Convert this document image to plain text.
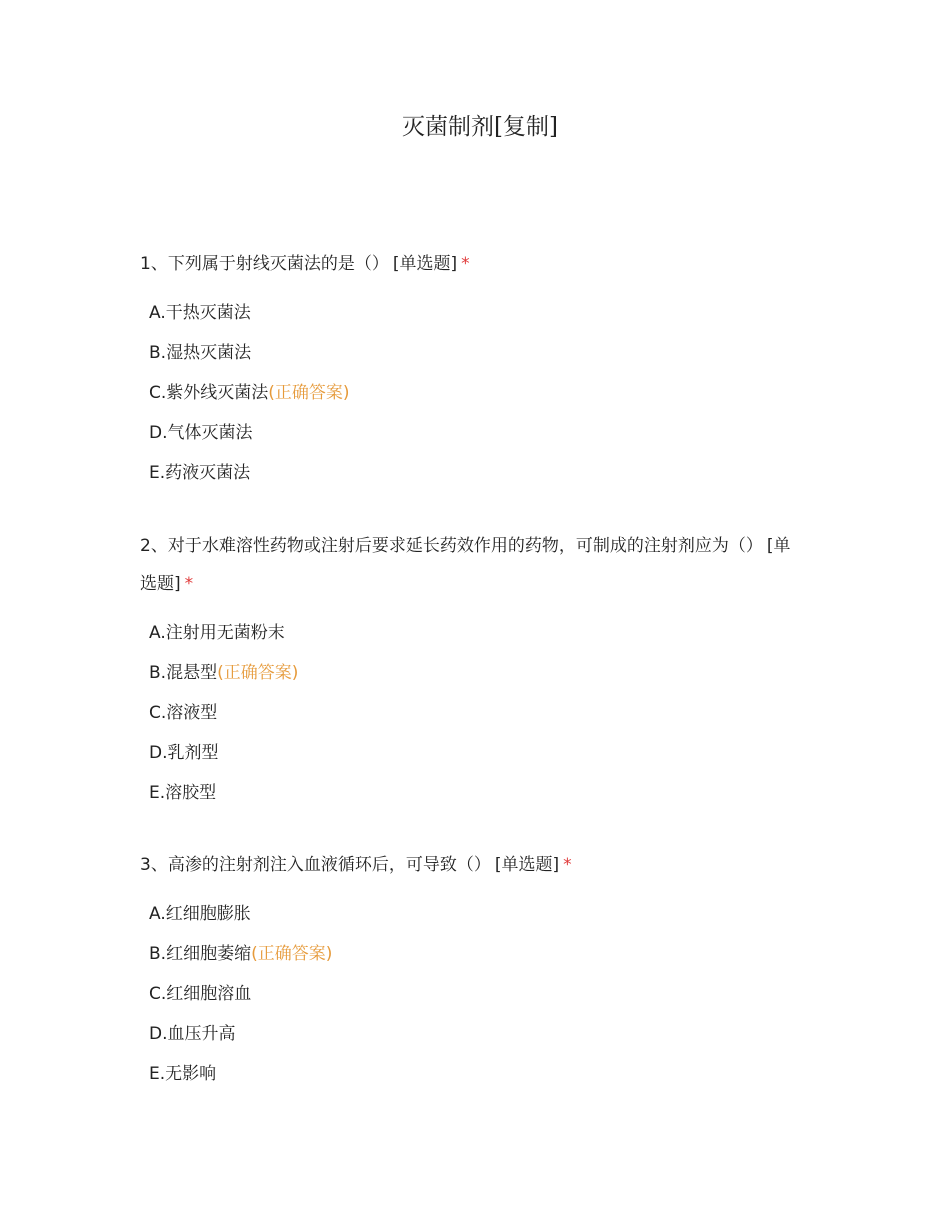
灭菌制剂[复制]

1、下列属于射线灭菌法的是（） [单选题] *

A.干热灭菌法
B.湿热灭菌法
C.紫外线灭菌法(正确答案)
D.气体灭菌法
E.药液灭菌法

2、对于水难溶性药物或注射后要求延长药效作用的药物，可制成的注射剂应为（） [单选题] *

A.注射用无菌粉末
B.混悬型(正确答案)
C.溶液型
D.乳剂型
E.溶胶型

3、高渗的注射剂注入血液循环后，可导致（） [单选题] *

A.红细胞膨胀
B.红细胞萎缩(正确答案)
C.红细胞溶血
D.血压升高
E.无影响
